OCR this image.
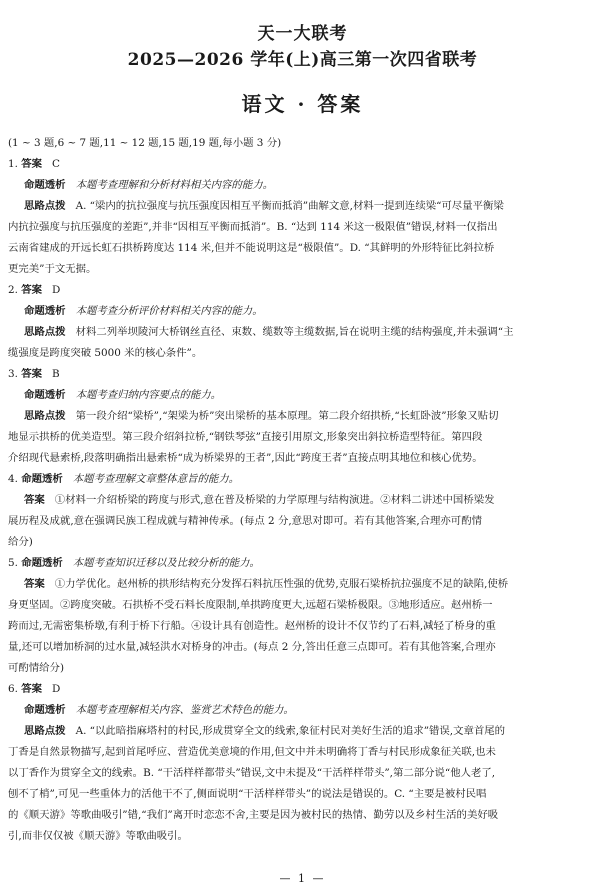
天一大联考
2025—2026 学年(上)高三第一次四省联考
语文 · 答案

(1 ~ 3 题,6 ~ 7 题,11 ~ 12 题,15 题,19 题,每小题 3 分)

1. 答案 C

命题透析 本题考查理解和分析材料相关内容的能力。

思路点拨 A. “梁内的抗拉强度与抗压强度因相互平衡而抵消”曲解文意,材料一提到连续梁“可尽量平衡梁

内抗拉强度与抗压强度的差距”,并非“因相互平衡而抵消”。B. “达到 114 米这一极限值”错误,材料一仅指出

云南省建成的开远长虹石拱桥跨度达 114 米,但并不能说明这是“极限值”。D. “其鲜明的外形特征比斜拉桥

更完美”于文无据。

2. 答案 D

命题透析 本题考查分析评价材料相关内容的能力。

思路点拨 材料二列举坝陵河大桥钢丝直径、束数、缆数等主缆数据,旨在说明主缆的结构强度,并未强调“主

缆强度是跨度突破 5000 米的核心条件”。

3. 答案 B

命题透析 本题考查归纳内容要点的能力。

思路点拨 第一段介绍“梁桥”,“架梁为桥”突出梁桥的基本原理。第二段介绍拱桥,“长虹卧波”形象又贴切

地显示拱桥的优美造型。第三段介绍斜拉桥,“钢铁琴弦”直接引用原文,形象突出斜拉桥造型特征。第四段

介绍现代悬索桥,段落明确指出悬索桥“成为桥梁界的王者”,因此“跨度王者”直接点明其地位和核心优势。

4. 命题透析 本题考查理解文章整体意旨的能力。

答案 ①材料一介绍桥梁的跨度与形式,意在普及桥梁的力学原理与结构演进。②材料二讲述中国桥梁发

展历程及成就,意在强调民族工程成就与精神传承。(每点 2 分,意思对即可。若有其他答案,合理亦可酌情

给分)

5. 命题透析 本题考查知识迁移以及比较分析的能力。

答案 ①力学优化。赵州桥的拱形结构充分发挥石料抗压性强的优势,克服石梁桥抗拉强度不足的缺陷,使桥

身更坚固。②跨度突破。石拱桥不受石料长度限制,单拱跨度更大,远超石梁桥极限。③地形适应。赵州桥一

跨而过,无需密集桥墩,有利于桥下行船。④设计具有创造性。赵州桥的设计不仅节约了石料,减轻了桥身的重

量,还可以增加桥洞的过水量,减轻洪水对桥身的冲击。(每点 2 分,答出任意三点即可。若有其他答案,合理亦

可酌情给分)

6. 答案 D

命题透析 本题考查理解相关内容、鉴赏艺术特色的能力。

思路点拨 A. “以此暗指麻塔村的村民,形成贯穿全文的线索,象征村民对美好生活的追求”错误,文章首尾的

丁香是自然景物描写,起到首尾呼应、营造优美意境的作用,但文中并未明确将丁香与村民形成象征关联,也未

以丁香作为贯穿全文的线索。B. “干活样样都带头”错误,文中未提及“干活样样带头”,第二部分说“他人老了,

刨不了梢”,可见一些重体力的活他干不了,侧面说明“干活样样带头”的说法是错误的。C. “主要是被村民唱

的《顺天游》等歌曲吸引”错,“我们”离开时恋恋不舍,主要是因为被村民的热情、勤劳以及乡村生活的美好吸

引,而非仅仅被《顺天游》等歌曲吸引。

— 1 —
